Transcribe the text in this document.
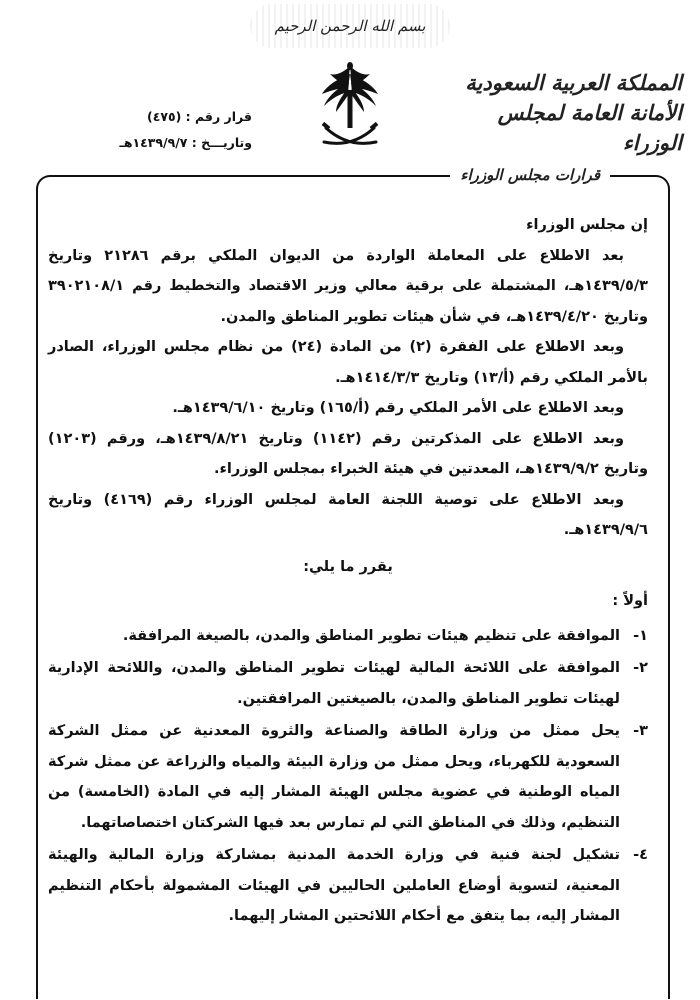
بسم الله الرحمن الرحيم
المملكة العربية السعودية
الأمانة العامة لمجلس الوزراء
قرار رقم : (٤٧٥)
وتاريـــخ : ١٤٣٩/٩/٧هـ
قرارات مجلس الوزراء

إن مجلس الوزراء

بعد الاطلاع على المعاملة الواردة من الديوان الملكي برقم ٢١٢٨٦ وتاريخ ١٤٣٩/٥/٣هـ، المشتملة على برقية معالي وزير الاقتصاد والتخطيط رقم ٣٩٠٢١٠٨/١ وتاريخ ١٤٣٩/٤/٢٠هـ، في شأن هيئات تطوير المناطق والمدن.

وبعد الاطلاع على الفقرة (٢) من المادة (٢٤) من نظام مجلس الوزراء، الصادر بالأمر الملكي رقم (أ/١٣) وتاريخ ١٤١٤/٣/٣هـ.

وبعد الاطلاع على الأمر الملكي رقم (أ/١٦٥) وتاريخ ١٤٣٩/٦/١٠هـ.

وبعد الاطلاع على المذكرتين رقم (١١٤٢) وتاريخ ١٤٣٩/٨/٢١هـ، ورقم (١٢٠٣) وتاريخ ١٤٣٩/٩/٢هـ، المعدتين في هيئة الخبراء بمجلس الوزراء.

وبعد الاطلاع على توصية اللجنة العامة لمجلس الوزراء رقم (٤١٦٩) وتاريخ ١٤٣٩/٩/٦هـ.

يقرر ما يلي:

أولاً :

١-
الموافقة على تنظيم هيئات تطوير المناطق والمدن، بالصيغة المرافقة.
٢-
الموافقة على اللائحة المالية لهيئات تطوير المناطق والمدن، واللائحة الإدارية لهيئات تطوير المناطق والمدن، بالصيغتين المرافقتين.
٣-
يحل ممثل من وزارة الطاقة والصناعة والثروة المعدنية عن ممثل الشركة السعودية للكهرباء، ويحل ممثل من وزارة البيئة والمياه والزراعة عن ممثل شركة المياه الوطنية في عضوية مجلس الهيئة المشار إليه في المادة (الخامسة) من التنظيم، وذلك في المناطق التي لم تمارس بعد فيها الشركتان اختصاصاتهما.
٤-
تشكيل لجنة فنية في وزارة الخدمة المدنية بمشاركة وزارة المالية والهيئة المعنية، لتسوية أوضاع العاملين الحاليين في الهيئات المشمولة بأحكام التنظيم المشار إليه، بما يتفق مع أحكام اللائحتين المشار إليهما.
